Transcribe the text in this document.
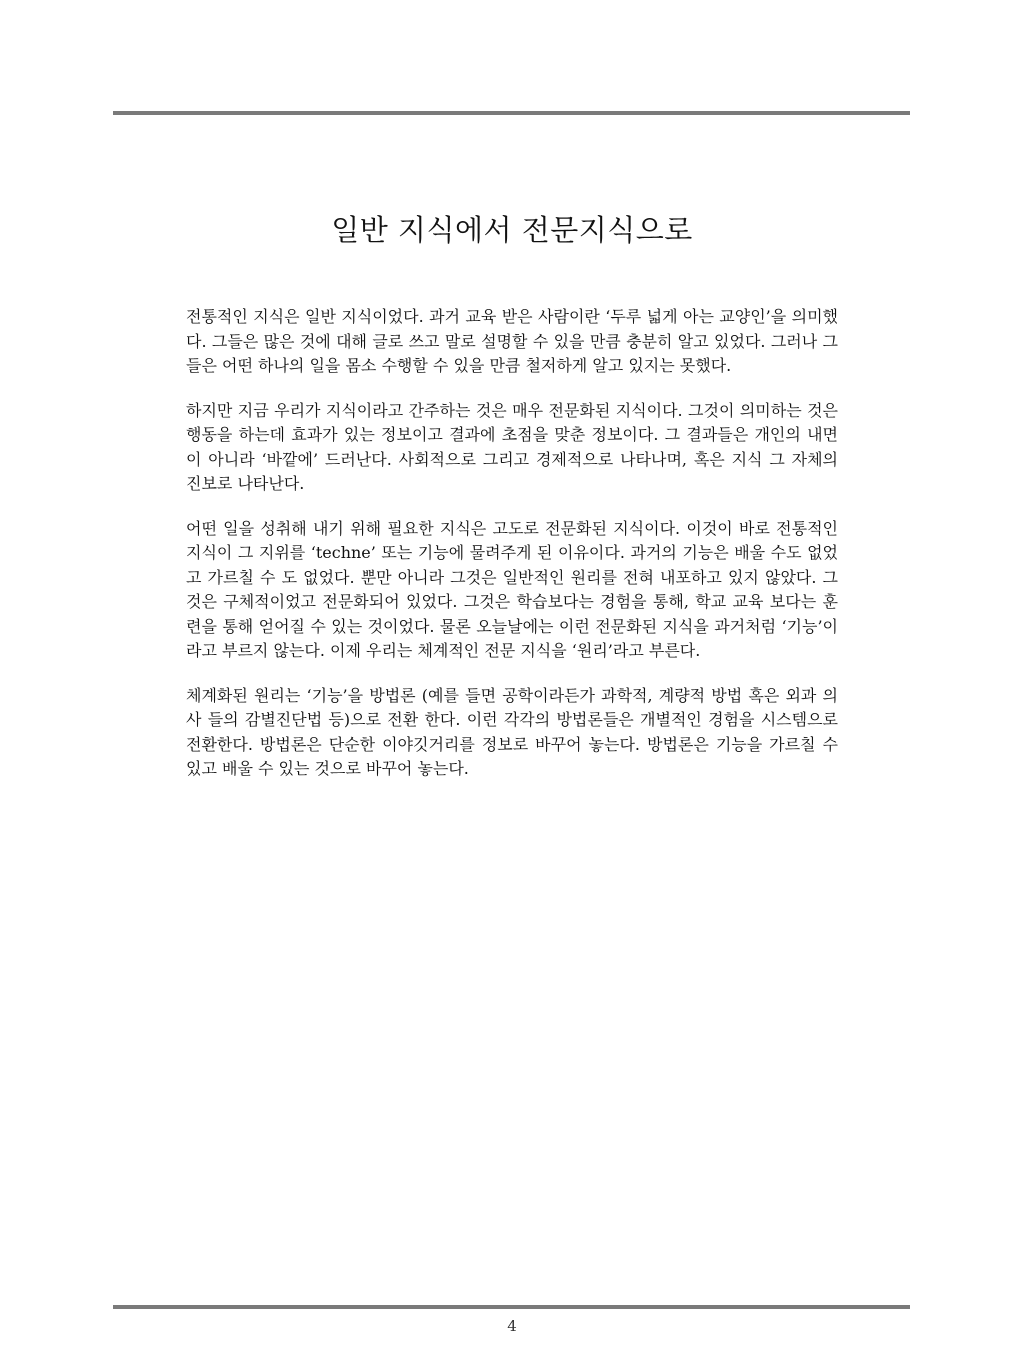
일반 지식에서 전문지식으로

전통적인 지식은 일반 지식이었다. 과거 교육 받은 사람이란 ‘두루 넓게 아는 교양인’을 의미했다. 그들은 많은 것에 대해 글로 쓰고 말로 설명할 수 있을 만큼 충분히 알고 있었다. 그러나 그들은 어떤 하나의 일을 몸소 수행할 수 있을 만큼 철저하게 알고 있지는 못했다.

하지만 지금 우리가 지식이라고 간주하는 것은 매우 전문화된 지식이다. 그것이 의미하는 것은 행동을 하는데 효과가 있는 정보이고 결과에 초점을 맞춘 정보이다. 그 결과들은 개인의 내면이 아니라 ‘바깥에’ 드러난다. 사회적으로 그리고 경제적으로 나타나며, 혹은 지식 그 자체의 진보로 나타난다.

어떤 일을 성취해 내기 위해 필요한 지식은 고도로 전문화된 지식이다. 이것이 바로 전통적인 지식이 그 지위를 ‘techne’ 또는 기능에 물려주게 된 이유이다. 과거의 기능은 배울 수도 없었고 가르칠 수 도 없었다. 뿐만 아니라 그것은 일반적인 원리를 전혀 내포하고 있지 않았다. 그것은 구체적이었고 전문화되어 있었다. 그것은 학습보다는 경험을 통해, 학교 교육 보다는 훈련을 통해 얻어질 수 있는 것이었다. 물론 오늘날에는 이런 전문화된 지식을 과거처럼 ‘기능’이라고 부르지 않는다. 이제 우리는 체계적인 전문 지식을 ‘원리’라고 부른다.

체계화된 원리는 ‘기능’을 방법론 (예를 들면 공학이라든가 과학적, 계량적 방법 혹은 외과 의사 들의 감별진단법 등)으로 전환 한다. 이런 각각의 방법론들은 개별적인 경험을 시스템으로 전환한다. 방법론은 단순한 이야깃거리를 정보로 바꾸어 놓는다. 방법론은 기능을 가르칠 수 있고 배울 수 있는 것으로 바꾸어 놓는다.

4
